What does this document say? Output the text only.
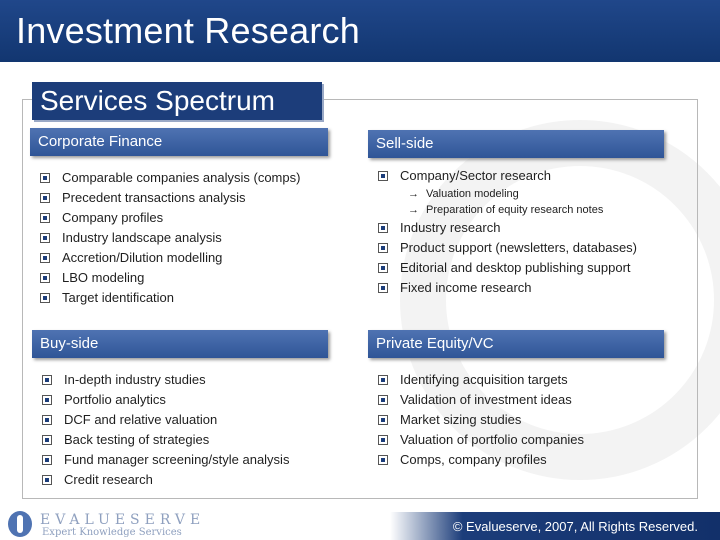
Investment Research
Services Spectrum
Corporate Finance
Comparable companies analysis (comps)
Precedent transactions analysis
Company profiles
Industry landscape analysis
Accretion/Dilution modelling
LBO modeling
Target identification
Sell-side
Company/Sector research
→ Valuation modeling
→ Preparation of equity research notes
Industry research
Product support (newsletters, databases)
Editorial and desktop publishing support
Fixed income research
Buy-side
In-depth industry studies
Portfolio analytics
DCF and relative valuation
Back testing of strategies
Fund manager screening/style analysis
Credit research
Private Equity/VC
Identifying acquisition targets
Validation of investment ideas
Market sizing studies
Valuation of portfolio companies
Comps, company profiles
EVALUESERVE
Expert Knowledge Services	© Evalueserve, 2007, All Rights Reserved.
